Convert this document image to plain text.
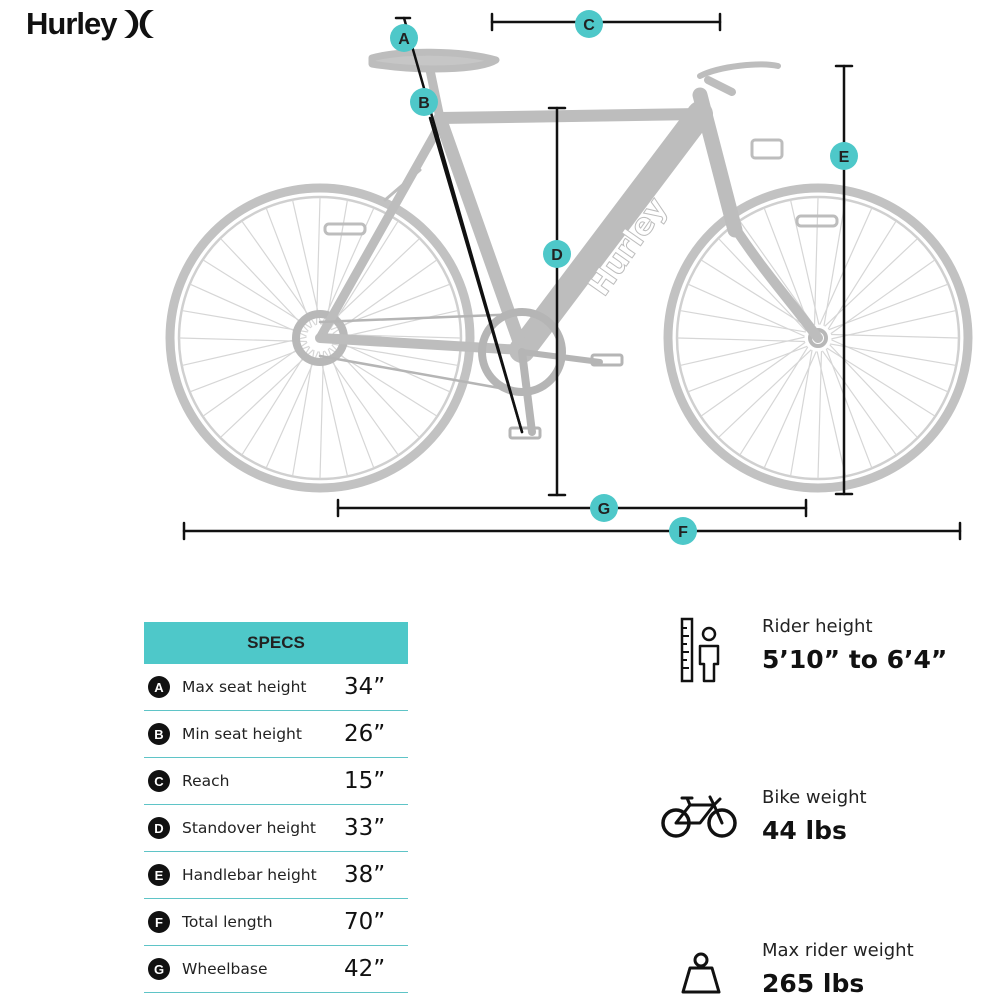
Hurley
Hurley
A
B
C
D
E
F
G
SPECS
A	Max seat height	34”
B	Min seat height	26”
C	Reach	15”
D	Standover height	33”
E	Handlebar height	38”
F	Total length	70”
G	Wheelbase	42”
Rider height
5’10” to 6’4”
Bike weight
44 lbs
Max rider weight
265 lbs
